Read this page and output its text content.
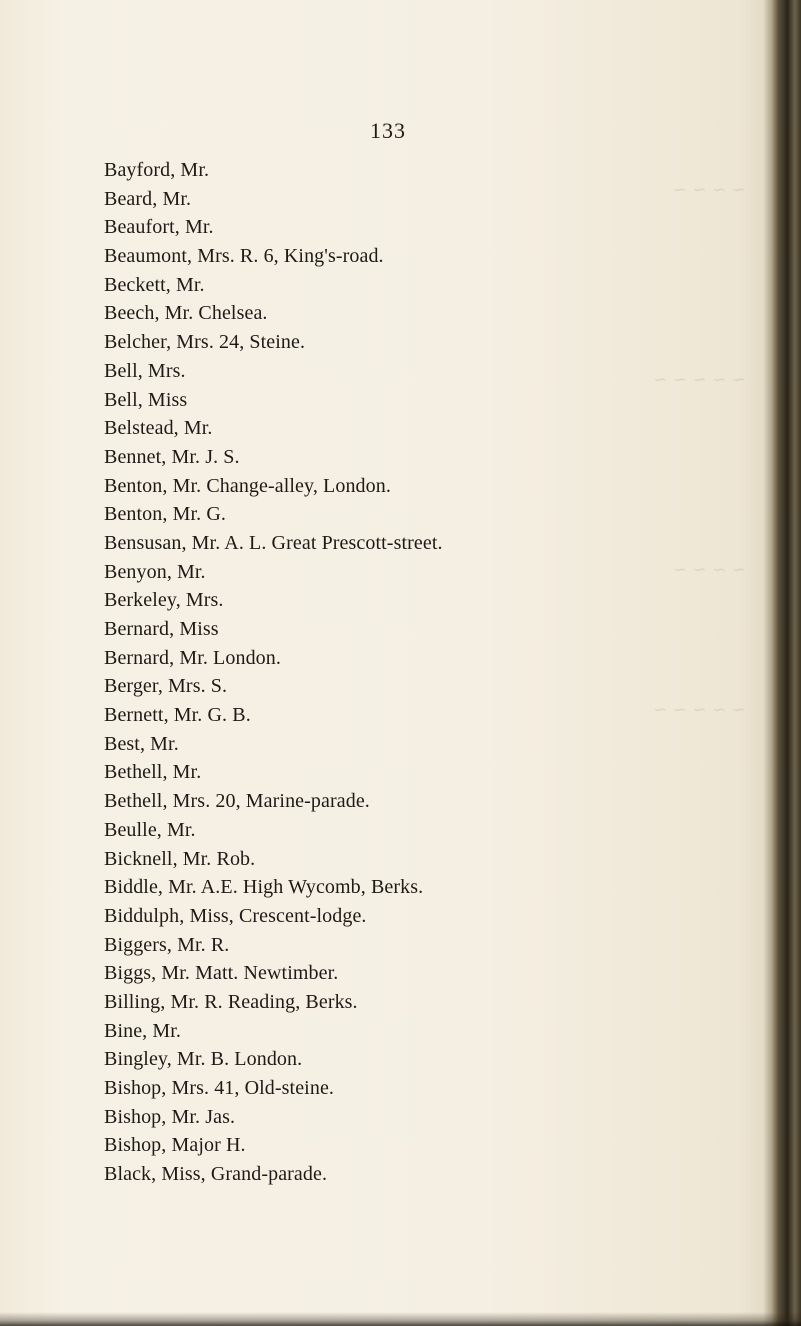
~ ~ ~ ~
~ ~ ~ ~ ~
~ ~ ~ ~
~ ~ ~ ~ ~
133
Bayford, Mr.
Beard, Mr.
Beaufort, Mr.
Beaumont, Mrs. R. 6, King's-road.
Beckett, Mr.
Beech, Mr. Chelsea.
Belcher, Mrs. 24, Steine.
Bell, Mrs.
Bell, Miss
Belstead, Mr.
Bennet, Mr. J. S.
Benton, Mr. Change-alley, London.
Benton, Mr. G.
Bensusan, Mr. A. L. Great Prescott-street.
Benyon, Mr.
Berkeley, Mrs.
Bernard, Miss
Bernard, Mr. London.
Berger, Mrs. S.
Bernett, Mr. G. B.
Best, Mr.
Bethell, Mr.
Bethell, Mrs. 20, Marine-parade.
Beulle, Mr.
Bicknell, Mr. Rob.
Biddle, Mr. A.E. High Wycomb, Berks.
Biddulph, Miss, Crescent-lodge.
Biggers, Mr. R.
Biggs, Mr. Matt. Newtimber.
Billing, Mr. R. Reading, Berks.
Bine, Mr.
Bingley, Mr. B. London.
Bishop, Mrs. 41, Old-steine.
Bishop, Mr. Jas.
Bishop, Major H.
Black, Miss, Grand-parade.
